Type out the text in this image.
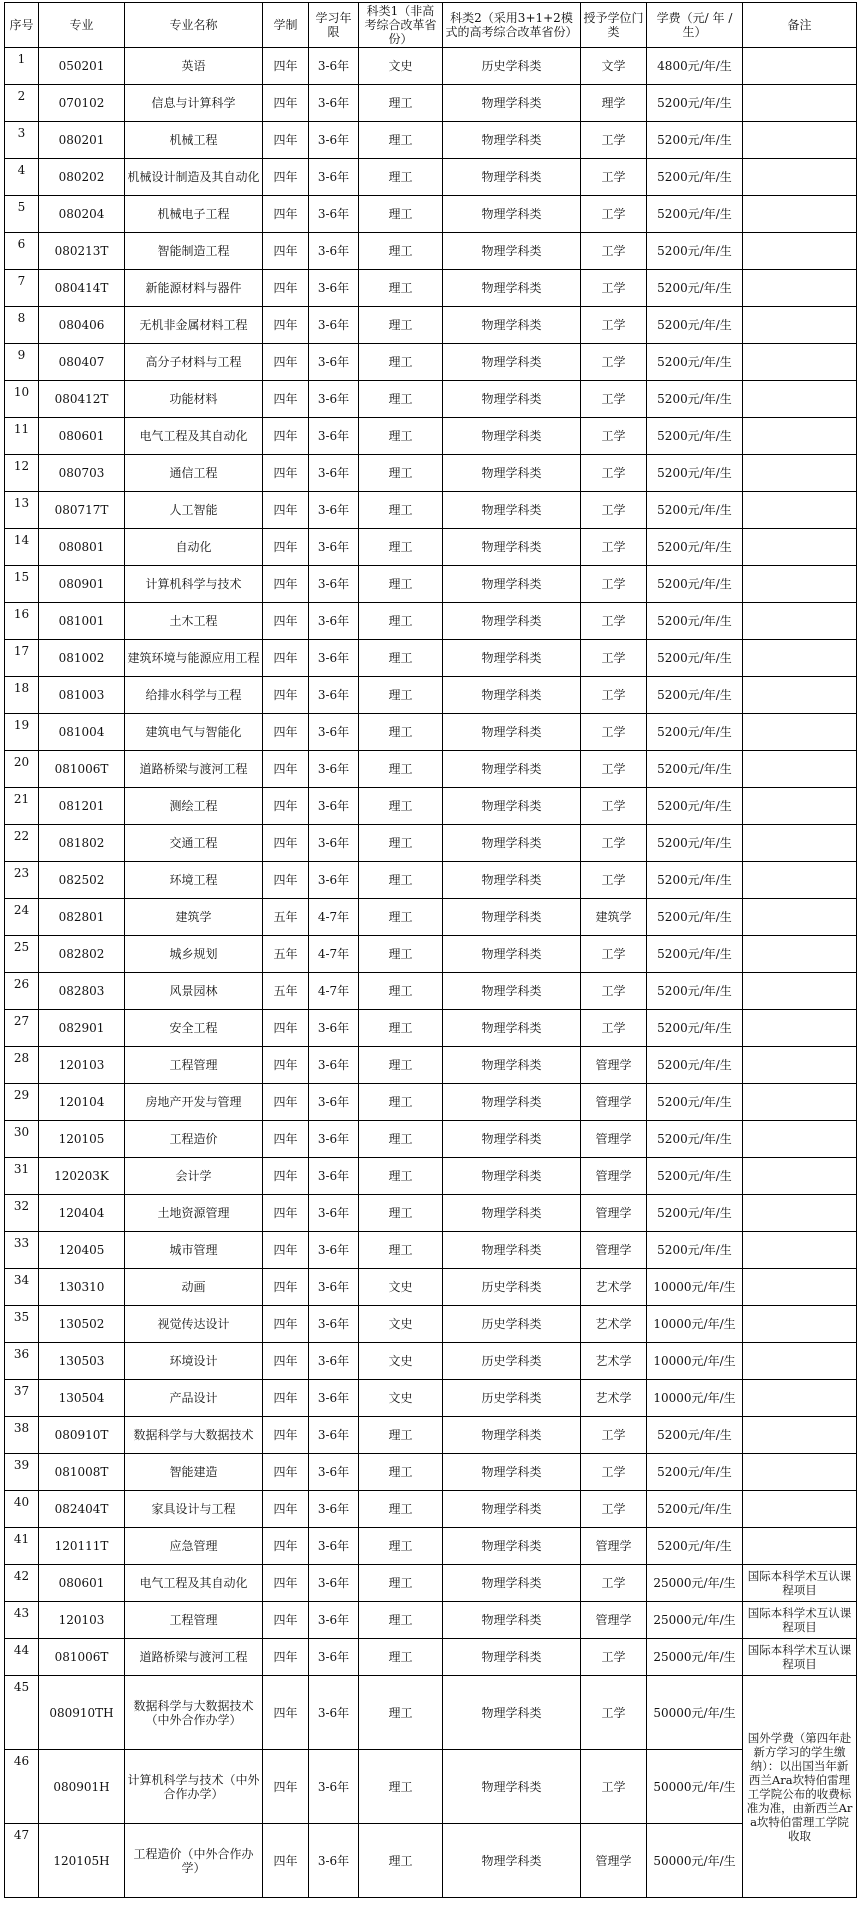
序号	专业	专业名称	学制	学习年限	科类1（非高考综合改革省份）	科类2（采用3+1+2模式的高考综合改革省份）	授予学位门类	学费（元/ 年 /生）	备注
1	050201	英语	四年	3-6年	文史	历史学科类	文学	4800元/年/生	
2	070102	信息与计算科学	四年	3-6年	理工	物理学科类	理学	5200元/年/生	
3	080201	机械工程	四年	3-6年	理工	物理学科类	工学	5200元/年/生	
4	080202	机械设计制造及其自动化	四年	3-6年	理工	物理学科类	工学	5200元/年/生	
5	080204	机械电子工程	四年	3-6年	理工	物理学科类	工学	5200元/年/生	
6	080213T	智能制造工程	四年	3-6年	理工	物理学科类	工学	5200元/年/生	
7	080414T	新能源材料与器件	四年	3-6年	理工	物理学科类	工学	5200元/年/生	
8	080406	无机非金属材料工程	四年	3-6年	理工	物理学科类	工学	5200元/年/生	
9	080407	高分子材料与工程	四年	3-6年	理工	物理学科类	工学	5200元/年/生	
10	080412T	功能材料	四年	3-6年	理工	物理学科类	工学	5200元/年/生	
11	080601	电气工程及其自动化	四年	3-6年	理工	物理学科类	工学	5200元/年/生	
12	080703	通信工程	四年	3-6年	理工	物理学科类	工学	5200元/年/生	
13	080717T	人工智能	四年	3-6年	理工	物理学科类	工学	5200元/年/生	
14	080801	自动化	四年	3-6年	理工	物理学科类	工学	5200元/年/生	
15	080901	计算机科学与技术	四年	3-6年	理工	物理学科类	工学	5200元/年/生	
16	081001	土木工程	四年	3-6年	理工	物理学科类	工学	5200元/年/生	
17	081002	建筑环境与能源应用工程	四年	3-6年	理工	物理学科类	工学	5200元/年/生	
18	081003	给排水科学与工程	四年	3-6年	理工	物理学科类	工学	5200元/年/生	
19	081004	建筑电气与智能化	四年	3-6年	理工	物理学科类	工学	5200元/年/生	
20	081006T	道路桥梁与渡河工程	四年	3-6年	理工	物理学科类	工学	5200元/年/生	
21	081201	测绘工程	四年	3-6年	理工	物理学科类	工学	5200元/年/生	
22	081802	交通工程	四年	3-6年	理工	物理学科类	工学	5200元/年/生	
23	082502	环境工程	四年	3-6年	理工	物理学科类	工学	5200元/年/生	
24	082801	建筑学	五年	4-7年	理工	物理学科类	建筑学	5200元/年/生	
25	082802	城乡规划	五年	4-7年	理工	物理学科类	工学	5200元/年/生	
26	082803	风景园林	五年	4-7年	理工	物理学科类	工学	5200元/年/生	
27	082901	安全工程	四年	3-6年	理工	物理学科类	工学	5200元/年/生	
28	120103	工程管理	四年	3-6年	理工	物理学科类	管理学	5200元/年/生	
29	120104	房地产开发与管理	四年	3-6年	理工	物理学科类	管理学	5200元/年/生	
30	120105	工程造价	四年	3-6年	理工	物理学科类	管理学	5200元/年/生	
31	120203K	会计学	四年	3-6年	理工	物理学科类	管理学	5200元/年/生	
32	120404	土地资源管理	四年	3-6年	理工	物理学科类	管理学	5200元/年/生	
33	120405	城市管理	四年	3-6年	理工	物理学科类	管理学	5200元/年/生	
34	130310	动画	四年	3-6年	文史	历史学科类	艺术学	10000元/年/生	
35	130502	视觉传达设计	四年	3-6年	文史	历史学科类	艺术学	10000元/年/生	
36	130503	环境设计	四年	3-6年	文史	历史学科类	艺术学	10000元/年/生	
37	130504	产品设计	四年	3-6年	文史	历史学科类	艺术学	10000元/年/生	
38	080910T	数据科学与大数据技术	四年	3-6年	理工	物理学科类	工学	5200元/年/生	
39	081008T	智能建造	四年	3-6年	理工	物理学科类	工学	5200元/年/生	
40	082404T	家具设计与工程	四年	3-6年	理工	物理学科类	工学	5200元/年/生	
41	120111T	应急管理	四年	3-6年	理工	物理学科类	管理学	5200元/年/生	
42	080601	电气工程及其自动化	四年	3-6年	理工	物理学科类	工学	25000元/年/生	国际本科学术互认课程项目
43	120103	工程管理	四年	3-6年	理工	物理学科类	管理学	25000元/年/生	国际本科学术互认课程项目
44	081006T	道路桥梁与渡河工程	四年	3-6年	理工	物理学科类	工学	25000元/年/生	国际本科学术互认课程项目
45	080910TH	数据科学与大数据技术（中外合作办学）	四年	3-6年	理工	物理学科类	工学	50000元/年/生	国外学费（第四年赴新方学习的学生缴纳）：以出国当年新西兰Ara坎特伯雷理工学院公布的收费标准为准，由新西兰Ara坎特伯雷理工学院收取
46	080901H	计算机科学与技术（中外合作办学）	四年	3-6年	理工	物理学科类	工学	50000元/年/生	
47	120105H	工程造价（中外合作办学）	四年	3-6年	理工	物理学科类	管理学	50000元/年/生	
